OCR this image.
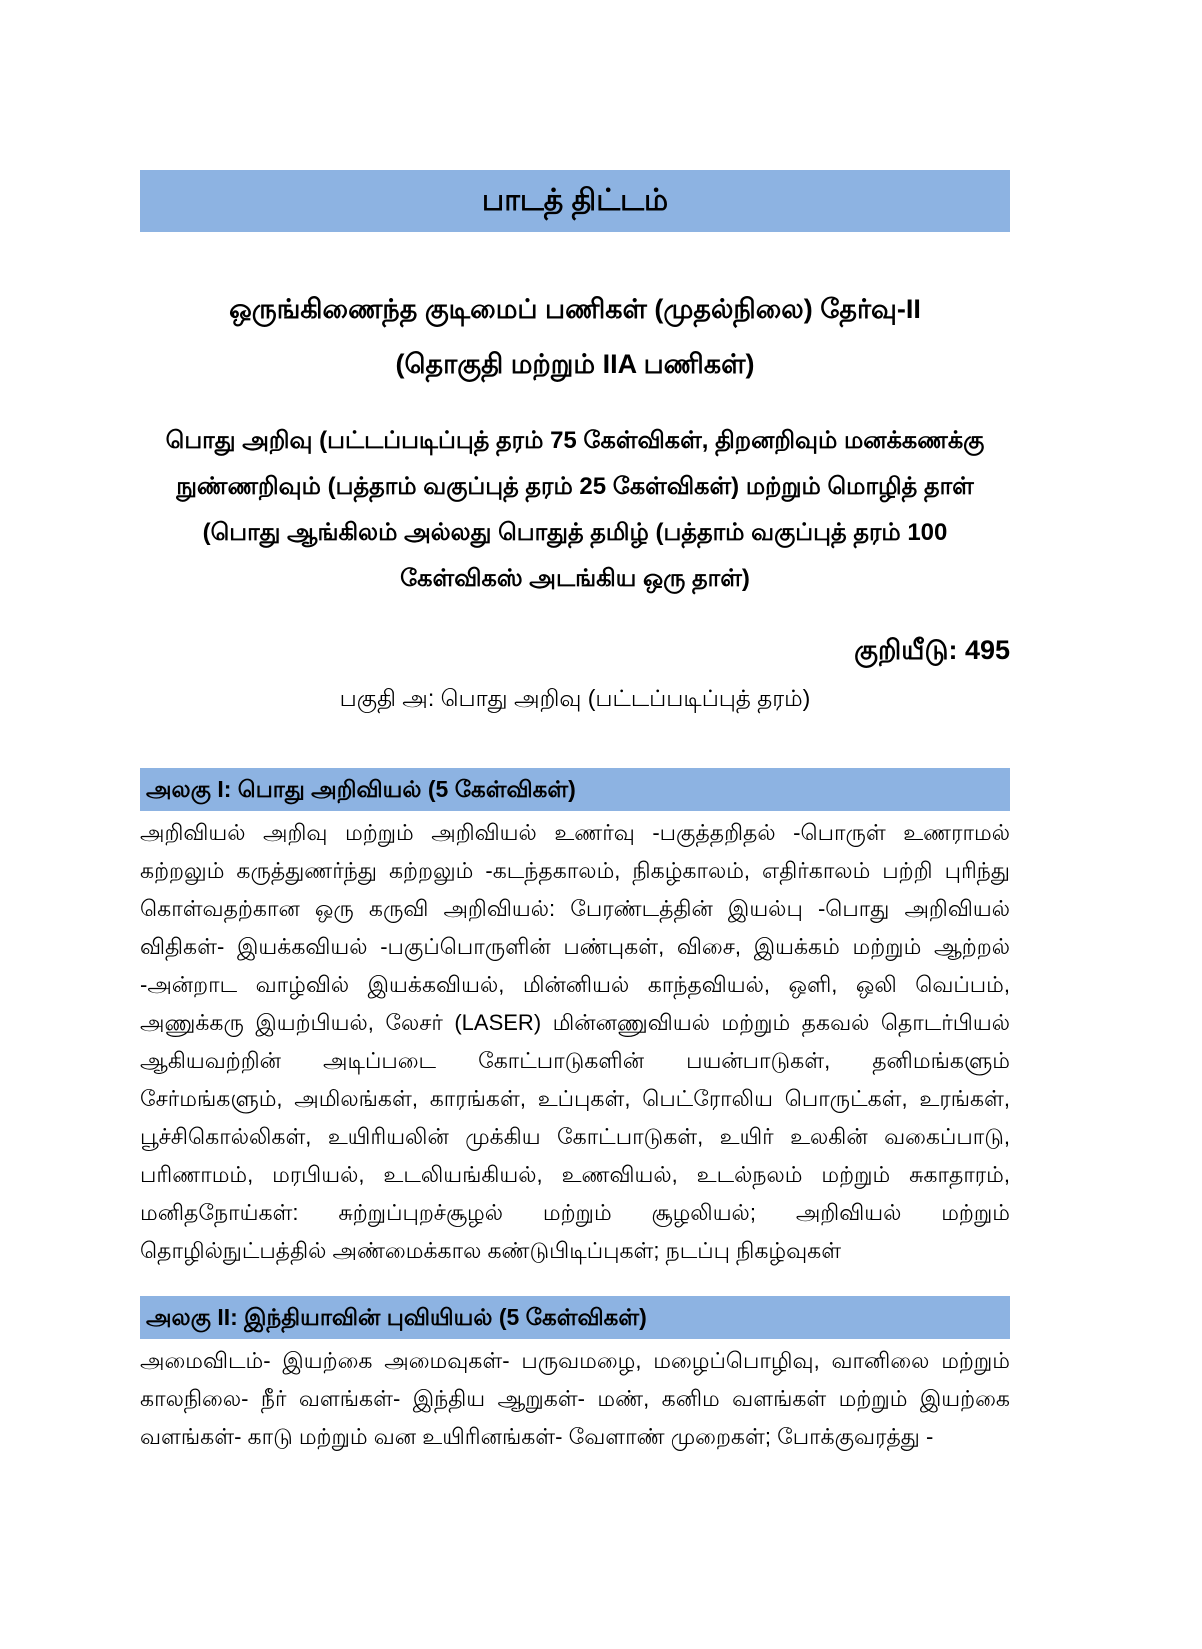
பாடத் திட்டம்
ஒருங்கிணைந்த குடிமைப் பணிகள் (முதல்நிலை) தேர்வு-II
(தொகுதி மற்றும் IIA பணிகள்)
பொது அறிவு (பட்டப்படிப்புத் தரம் 75 கேள்விகள், திறனறிவும் மனக்கணக்கு நுண்ணறிவும் (பத்தாம் வகுப்புத் தரம் 25 கேள்விகள்) மற்றும் மொழித் தாள் (பொது ஆங்கிலம் அல்லது பொதுத் தமிழ் (பத்தாம் வகுப்புத் தரம் 100 கேள்விகஸ் அடங்கிய ஒரு தாள்)
குறியீடு: 495
பகுதி அ: பொது அறிவு (பட்டப்படிப்புத் தரம்)
அலகு I: பொது அறிவியல் (5 கேள்விகள்)
அறிவியல் அறிவு மற்றும் அறிவியல் உணர்வு -பகுத்தறிதல் -பொருள் உணராமல் கற்றலும் கருத்துணர்ந்து கற்றலும் -கடந்தகாலம், நிகழ்காலம், எதிர்காலம் பற்றி புரிந்து கொள்வதற்கான ஒரு கருவி அறிவியல்: பேரண்டத்தின் இயல்பு -பொது அறிவியல் விதிகள்- இயக்கவியல் -பகுப்பொருளின் பண்புகள், விசை, இயக்கம் மற்றும் ஆற்றல் -அன்றாட வாழ்வில் இயக்கவியல், மின்னியல் காந்தவியல், ஒளி, ஒலி வெப்பம், அணுக்கரு இயற்பியல், லேசர் (LASER) மின்னணுவியல் மற்றும் தகவல் தொடர்பியல் ஆகியவற்றின் அடிப்படை கோட்பாடுகளின் பயன்பாடுகள், தனிமங்களும் சேர்மங்களும், அமிலங்கள், காரங்கள், உப்புகள், பெட்ரோலிய பொருட்கள், உரங்கள், பூச்சிகொல்லிகள், உயிரியலின் முக்கிய கோட்பாடுகள், உயிர் உலகின் வகைப்பாடு, பரிணாமம், மரபியல், உடலியங்கியல், உணவியல், உடல்நலம் மற்றும் சுகாதாரம், மனிதநோய்கள்: சுற்றுப்புறச்சூழல் மற்றும் சூழலியல்; அறிவியல் மற்றும் தொழில்நுட்பத்தில் அண்மைக்கால கண்டுபிடிப்புகள்; நடப்பு நிகழ்வுகள்
அலகு II: இந்தியாவின் புவியியல் (5 கேள்விகள்)
அமைவிடம்- இயற்கை அமைவுகள்- பருவமழை, மழைப்பொழிவு, வானிலை மற்றும் காலநிலை- நீர் வளங்கள்- இந்திய ஆறுகள்- மண், கனிம வளங்கள் மற்றும் இயற்கை வளங்கள்- காடு மற்றும் வன உயிரினங்கள்- வேளாண் முறைகள்; போக்குவரத்து -
